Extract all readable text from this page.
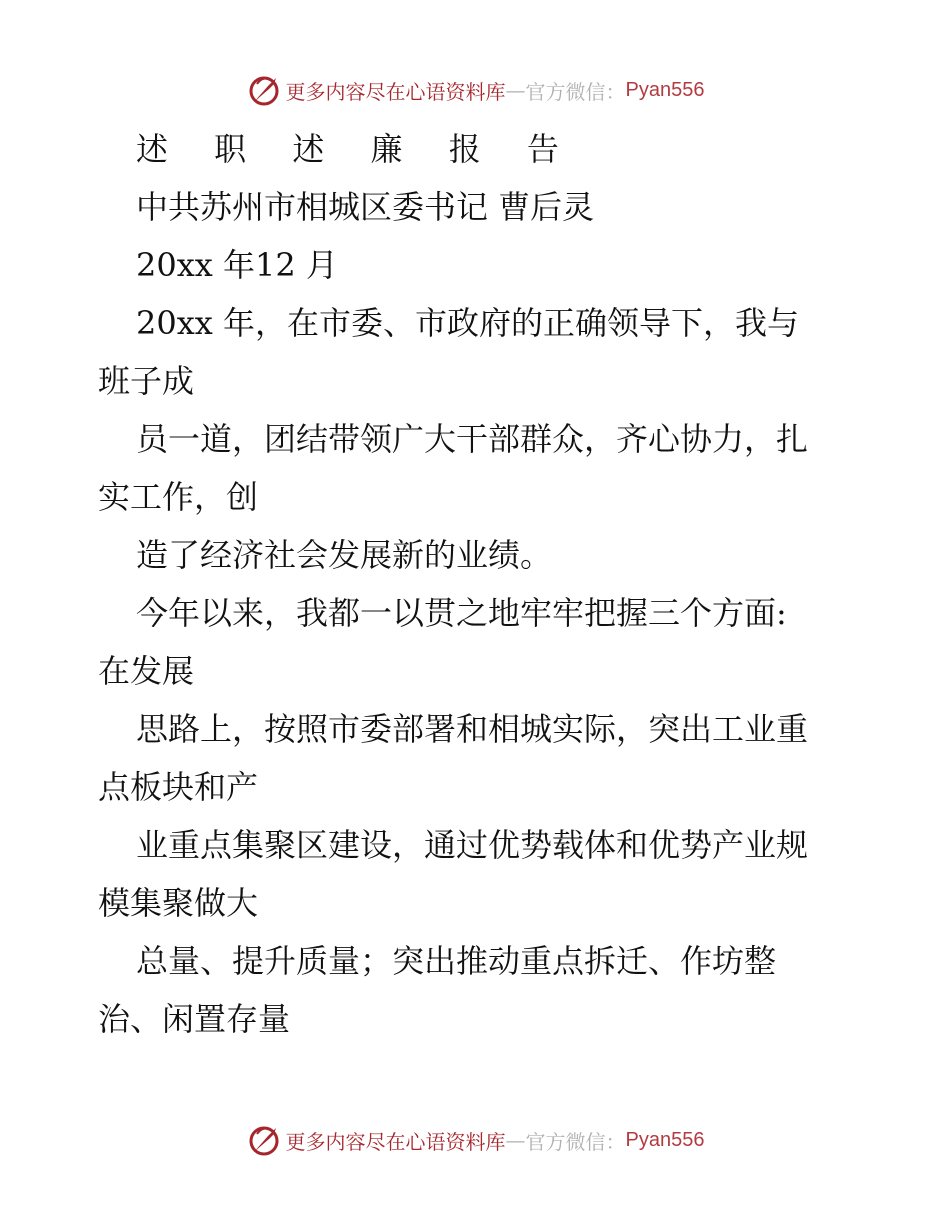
更多内容尽在心语资料库 — 官方微信： Pyan556
述 职 述 廉 报 告
中共苏州市相城区委书记 曹后灵
20xx 年12 月
20xx 年，在市委、市政府的正确领导下，我与
班子成
员一道，团结带领广大干部群众，齐心协力，扎
实工作，创
造了经济社会发展新的业绩。
今年以来，我都一以贯之地牢牢把握三个方面:
在发展
思路上，按照市委部署和相城实际，突出工业重
点板块和产
业重点集聚区建设，通过优势载体和优势产业规
模集聚做大
总量、提升质量；突出推动重点拆迁、作坊整
治、闲置存量
更多内容尽在心语资料库 — 官方微信： Pyan556
